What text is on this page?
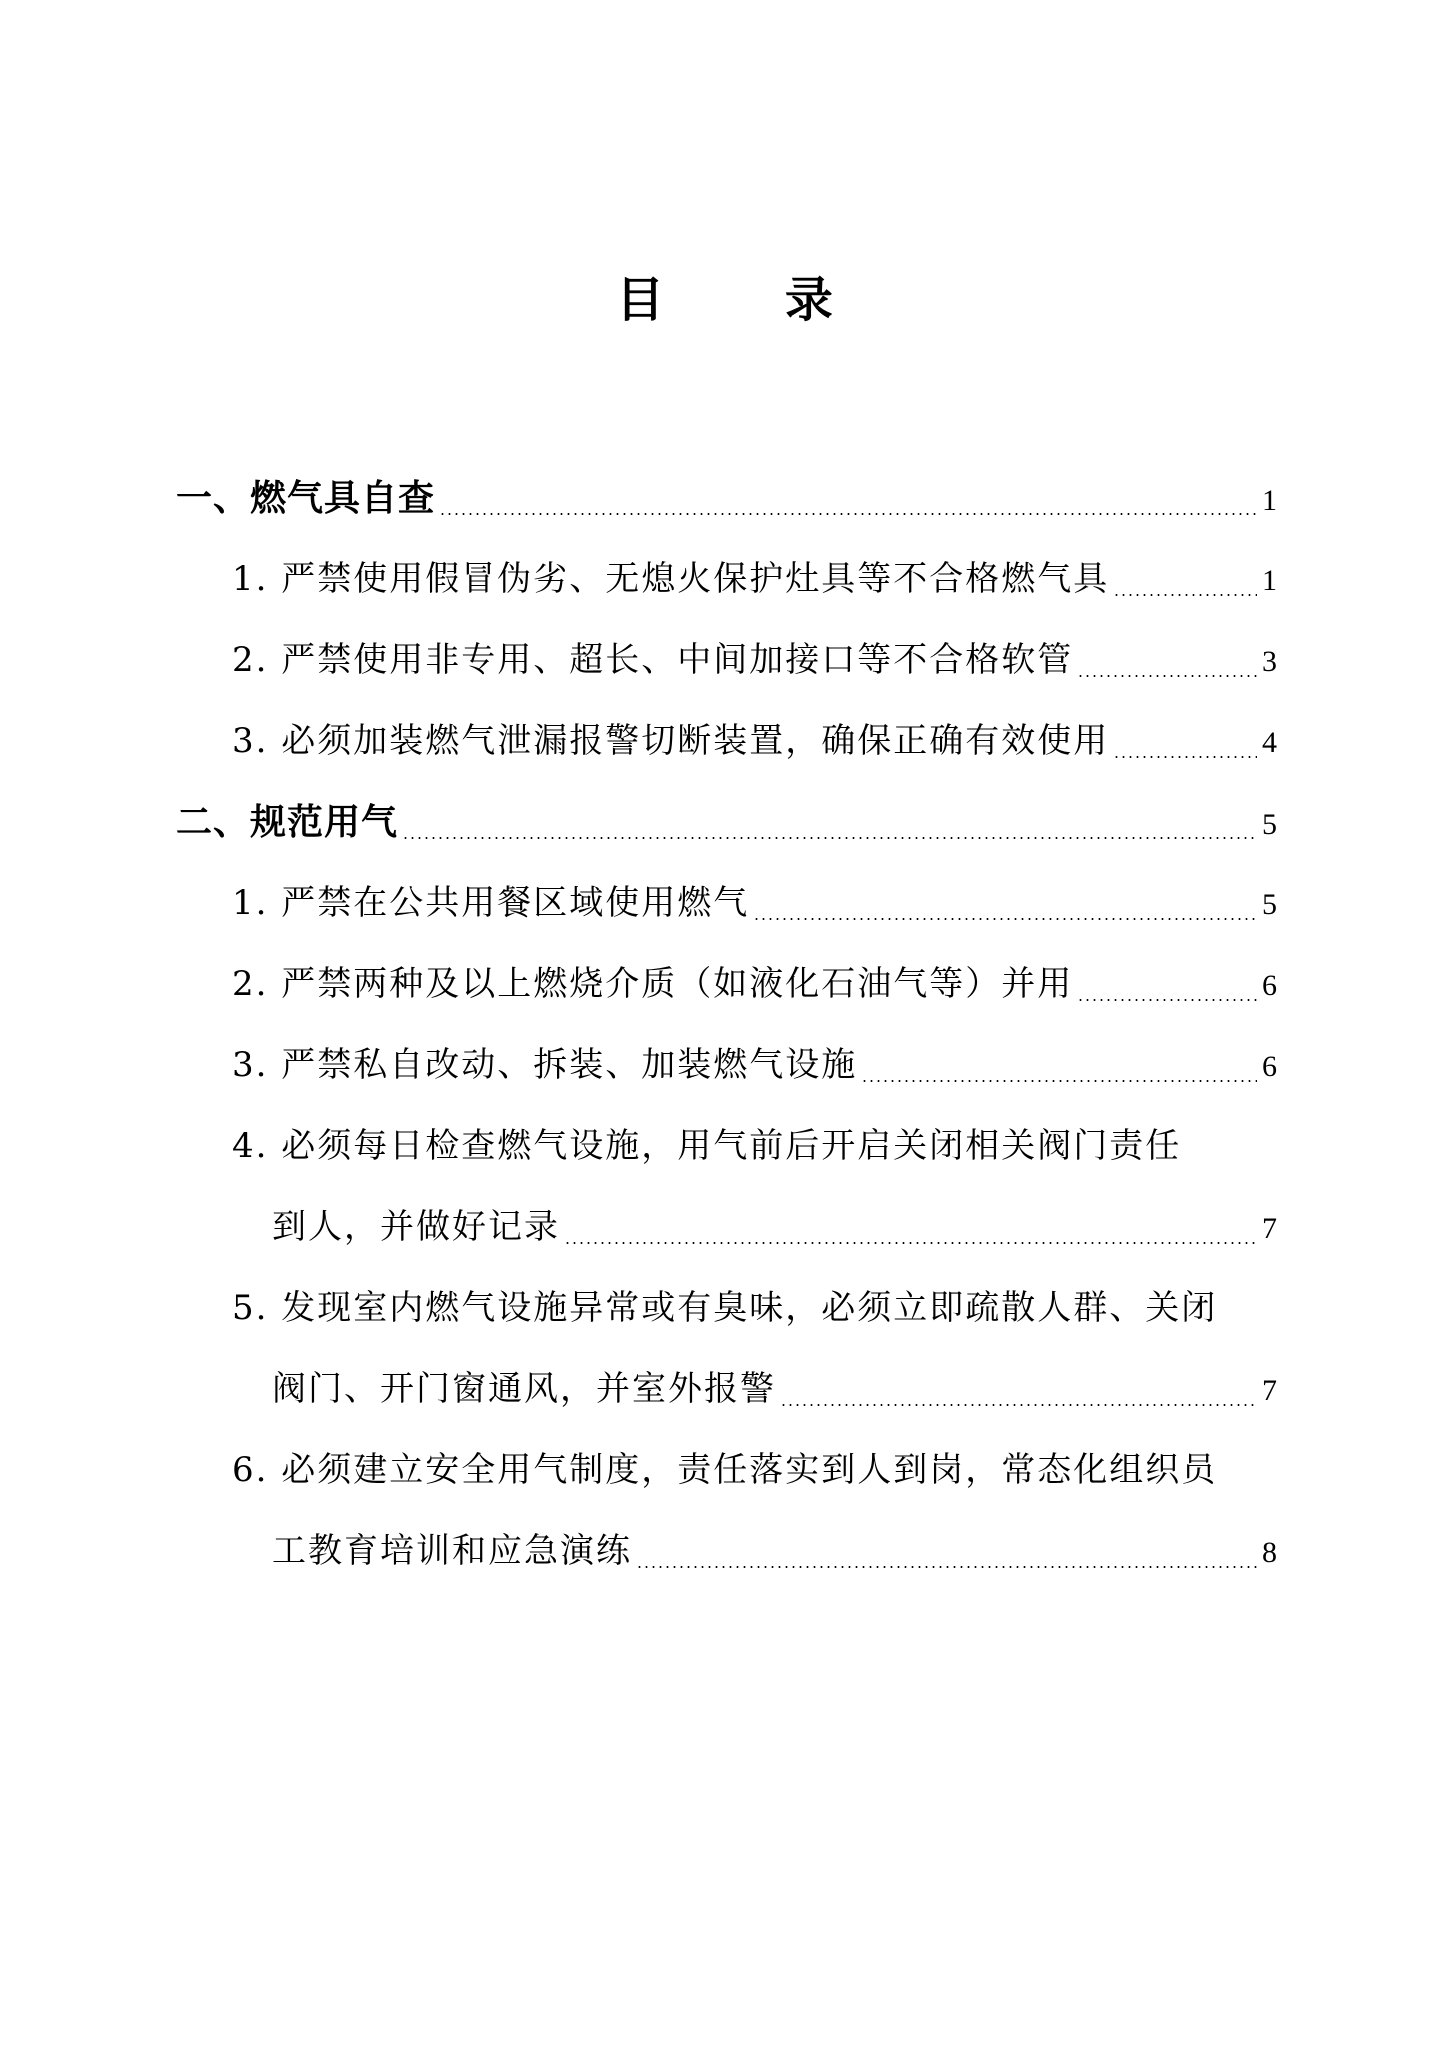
目 录
一、燃气具自查	1
1. 严禁使用假冒伪劣、无熄火保护灶具等不合格燃气具	1
2. 严禁使用非专用、超长、中间加接口等不合格软管	3
3. 必须加装燃气泄漏报警切断装置，确保正确有效使用	4
二、规范用气	5
1. 严禁在公共用餐区域使用燃气	5
2. 严禁两种及以上燃烧介质（如液化石油气等）并用	6
3. 严禁私自改动、拆装、加装燃气设施	6
4. 必须每日检查燃气设施，用气前后开启关闭相关阀门责任
到人，并做好记录	7
5. 发现室内燃气设施异常或有臭味，必须立即疏散人群、关闭
阀门、开门窗通风，并室外报警	7
6. 必须建立安全用气制度，责任落实到人到岗，常态化组织员
工教育培训和应急演练	8
